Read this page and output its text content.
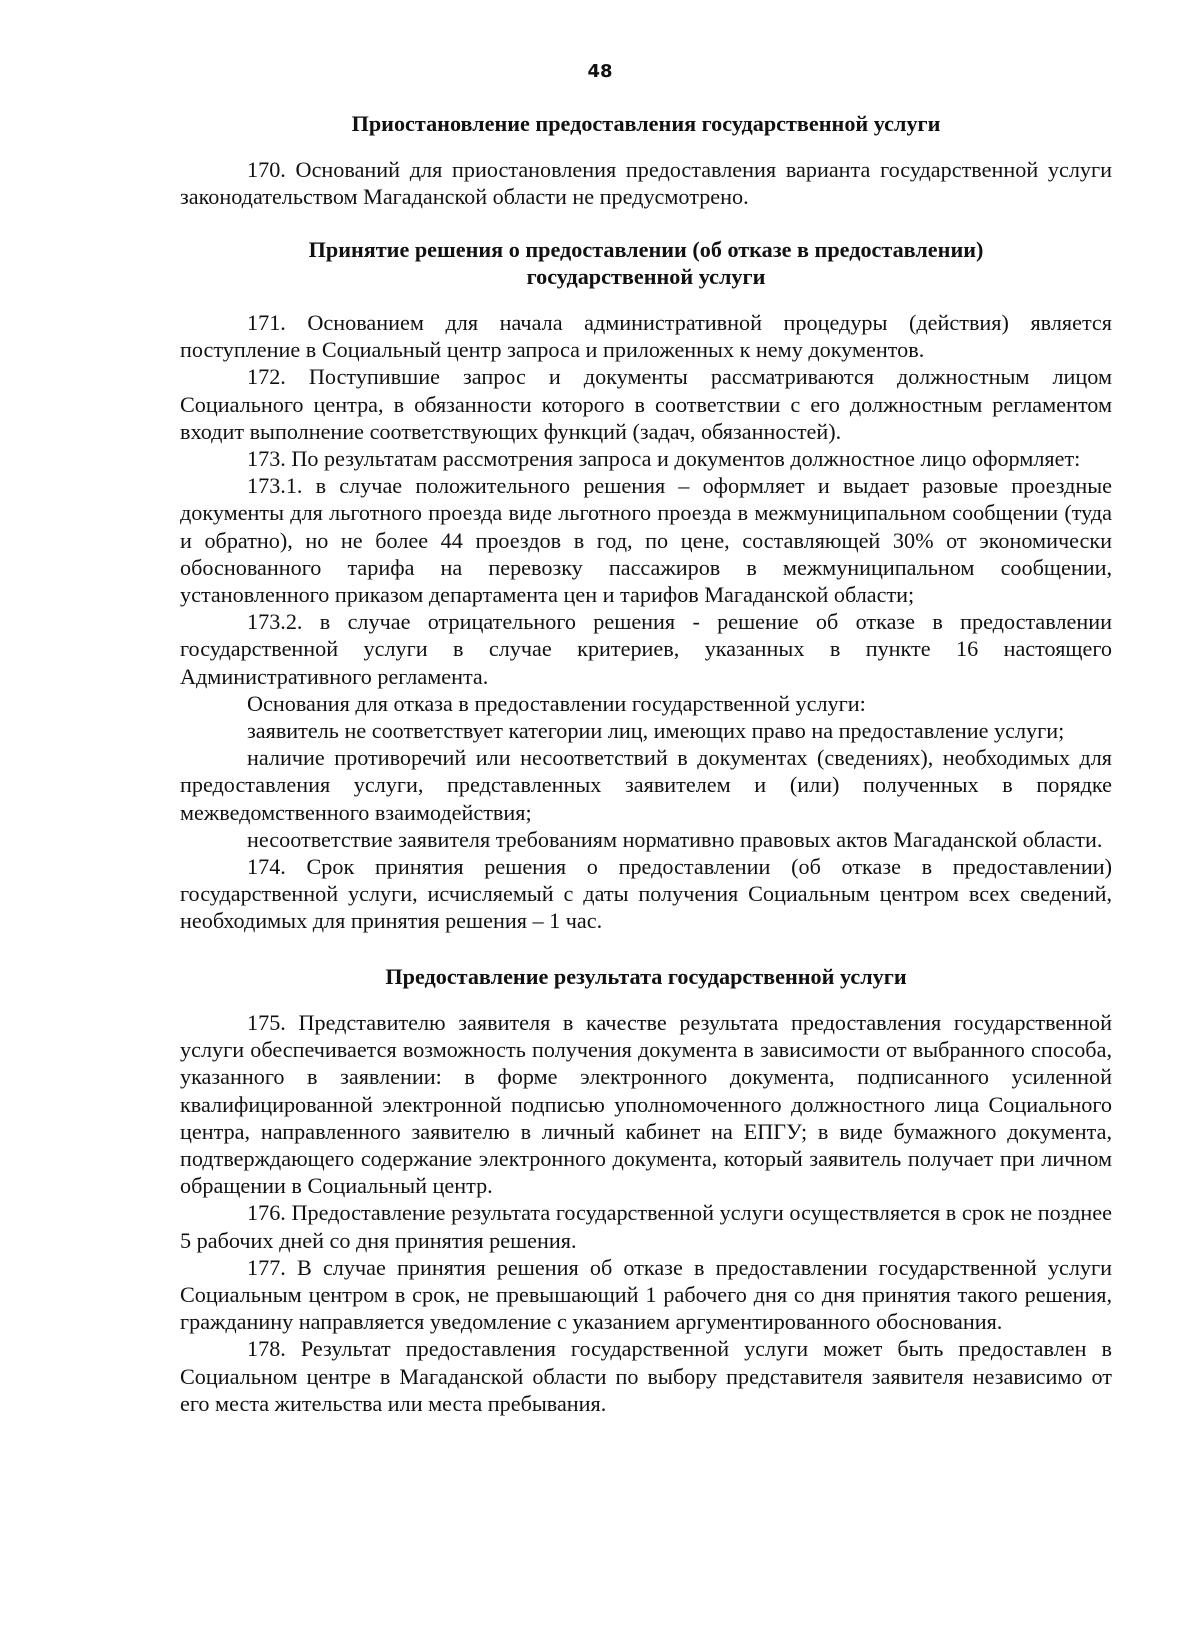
48
Приостановление предоставления государственной услуги

170. Оснований для приостановления предоставления варианта государственной услуги законодательством Магаданской области не предусмотрено.

Принятие решения о предоставлении (об отказе в предоставлении)
государственной услуги

171. Основанием для начала административной процедуры (действия) является поступление в Социальный центр запроса и приложенных к нему документов.

172. Поступившие запрос и документы рассматриваются должностным лицом Социального центра, в обязанности которого в соответствии с его должностным регламентом входит выполнение соответствующих функций (задач, обязанностей).

173. По результатам рассмотрения запроса и документов должностное лицо оформляет:

173.1. в случае положительного решения – оформляет и выдает разовые проездные документы для льготного проезда виде льготного проезда в межмуниципальном сообщении (туда и обратно), но не более 44 проездов в год, по цене, составляющей 30% от экономически обоснованного тарифа на перевозку пассажиров в межмуниципальном сообщении, установленного приказом департамента цен и тарифов Магаданской области;

173.2. в случае отрицательного решения - решение об отказе в предоставлении государственной услуги в случае критериев, указанных в пункте 16 настоящего Административного регламента.

Основания для отказа в предоставлении государственной услуги:

заявитель не соответствует категории лиц, имеющих право на предоставление услуги;

наличие противоречий или несоответствий в документах (сведениях), необходимых для предоставления услуги, представленных заявителем и (или) полученных в порядке межведомственного взаимодействия;

несоответствие заявителя требованиям нормативно правовых актов Магаданской области.

174. Срок принятия решения о предоставлении (об отказе в предоставлении) государственной услуги, исчисляемый с даты получения Социальным центром всех сведений, необходимых для принятия решения – 1 час.

Предоставление результата государственной услуги

175. Представителю заявителя в качестве результата предоставления государственной услуги обеспечивается возможность получения документа в зависимости от выбранного способа, указанного в заявлении: в форме электронного документа, подписанного усиленной квалифицированной электронной подписью уполномоченного должностного лица Социального центра, направленного заявителю в личный кабинет на ЕПГУ; в виде бумажного документа, подтверждающего содержание электронного документа, который заявитель получает при личном обращении в Социальный центр.

176. Предоставление результата государственной услуги осуществляется в срок не позднее 5 рабочих дней со дня принятия решения.

177. В случае принятия решения об отказе в предоставлении государственной услуги Социальным центром в срок, не превышающий 1 рабочего дня со дня принятия такого решения, гражданину направляется уведомление с указанием аргументированного обоснования.

178. Результат предоставления государственной услуги может быть предоставлен в Социальном центре в Магаданской области по выбору представителя заявителя независимо от его места жительства или места пребывания.
